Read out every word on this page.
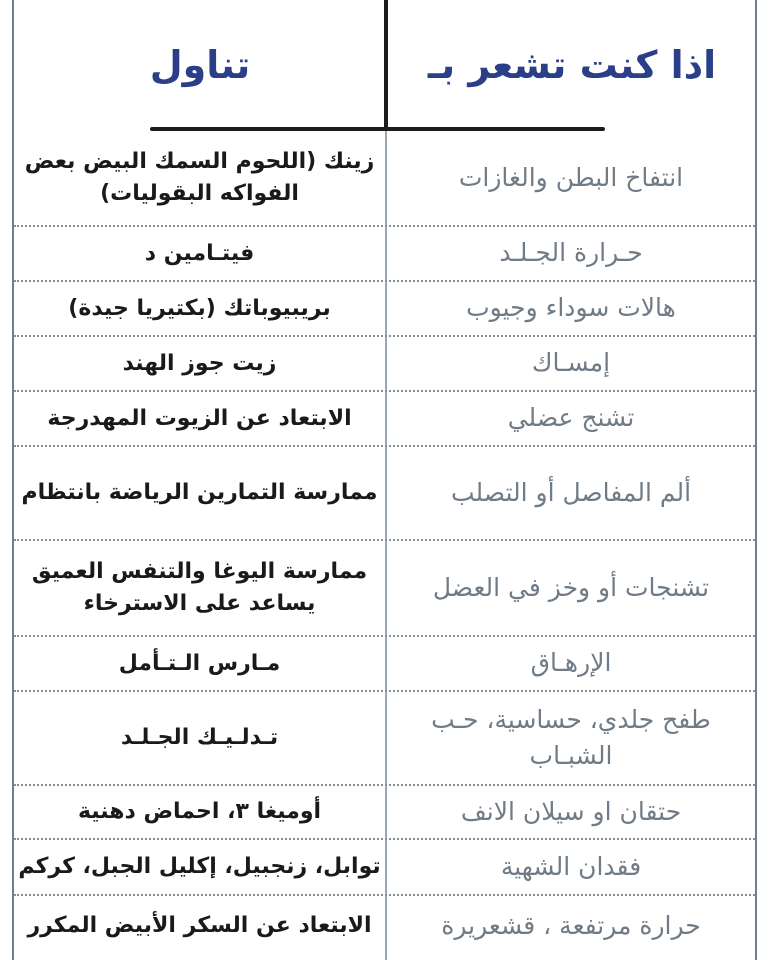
اذا كنت تشعر بـ
تناول
انتفاخ البطن والغازات
زينك (اللحوم السمك البيض بعض الفواكه البقوليات)
حـرارة الجـلـد
فيتـامين د
هالات سوداء وجيوب
بريبيوباتك (بكتيريا جيدة)
إمسـاك
زيت جوز الهند
تشنج عضلي
الابتعاد عن الزيوت المهدرجة
ألم المفاصل أو التصلب
ممارسة التمارين الرياضة بانتظام
تشنجات أو وخز في العضل
ممارسة اليوغا والتنفس العميق يساعد على الاسترخاء
الإرهـاق
مـارس الـتـأمل
طفح جلدي، حساسية، حـب الشبـاب
تـدلـيـك الجـلـد
حتقان او سيلان الانف
أوميغا ٣، احماض دهنية
فقدان الشهية
توابل، زنجبيل، إكليل الجبل، كركم
حرارة مرتفعة ، قشعريرة
الابتعاد عن السكر الأبيض المكرر
